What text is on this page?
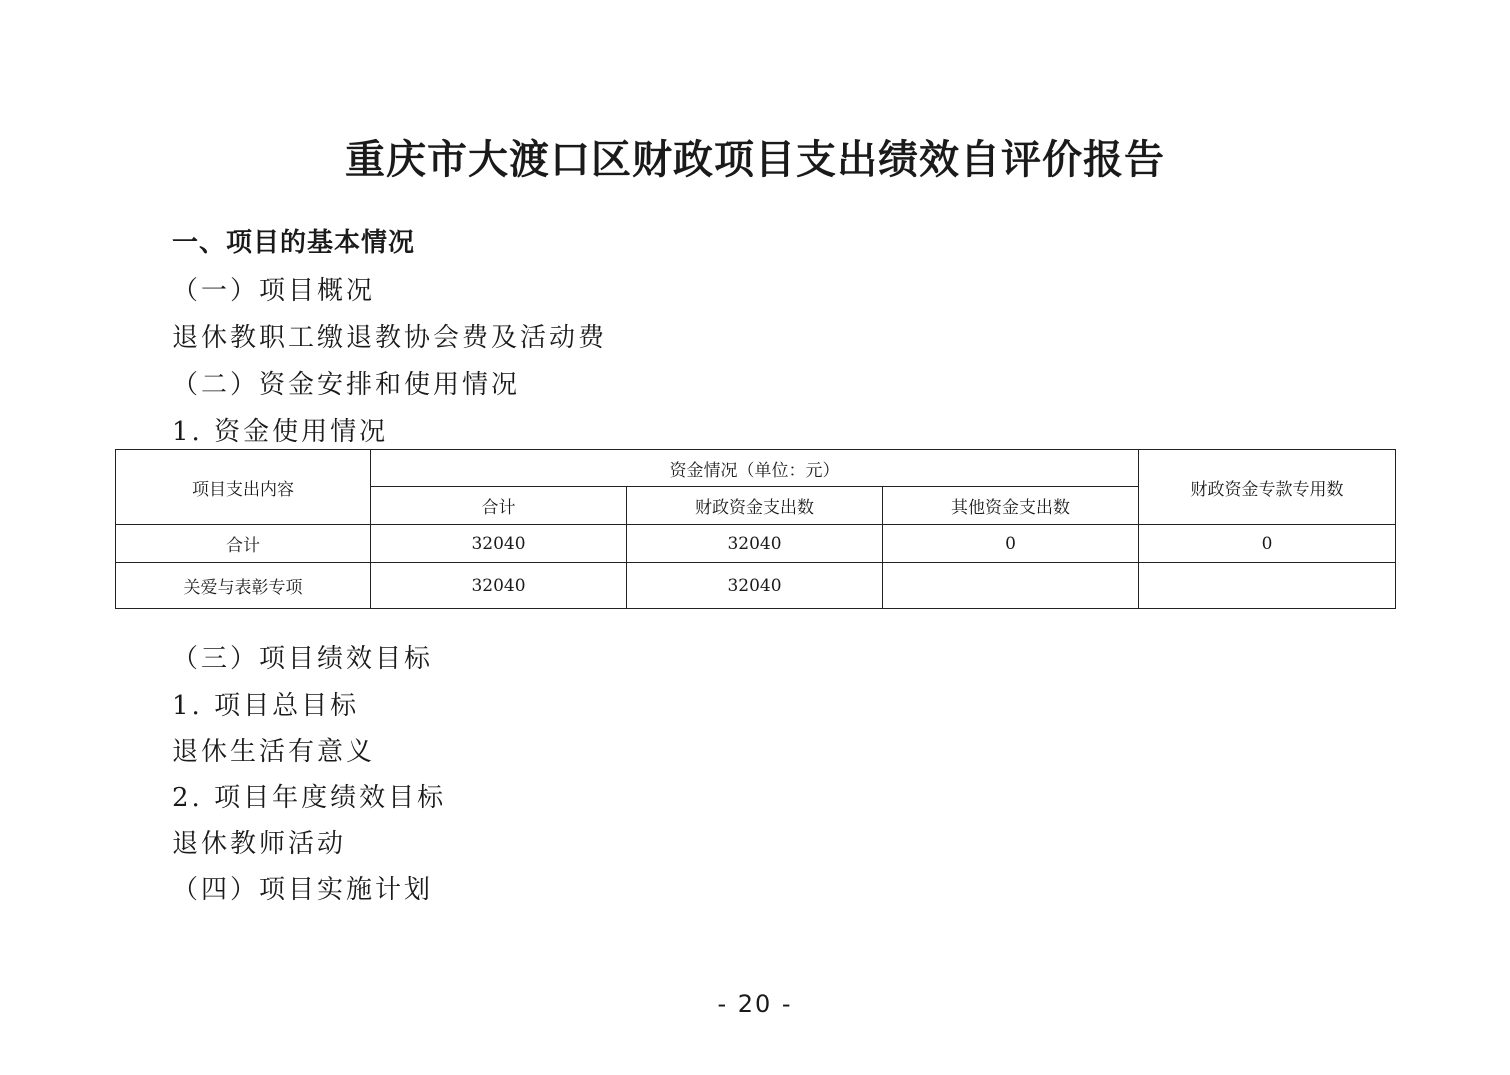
重庆市大渡口区财政项目支出绩效自评价报告
一、项目的基本情况
（一）项目概况
退休教职工缴退教协会费及活动费
（二）资金安排和使用情况
1. 资金使用情况
项目支出内容	资金情况（单位：元）			财政资金专款专用数
	合计	财政资金支出数	其他资金支出数	
合计	32040	32040	0	0
关爱与表彰专项	32040	32040		
（三）项目绩效目标
1. 项目总目标
退休生活有意义
2. 项目年度绩效目标
退休教师活动
（四）项目实施计划
- 20 -
